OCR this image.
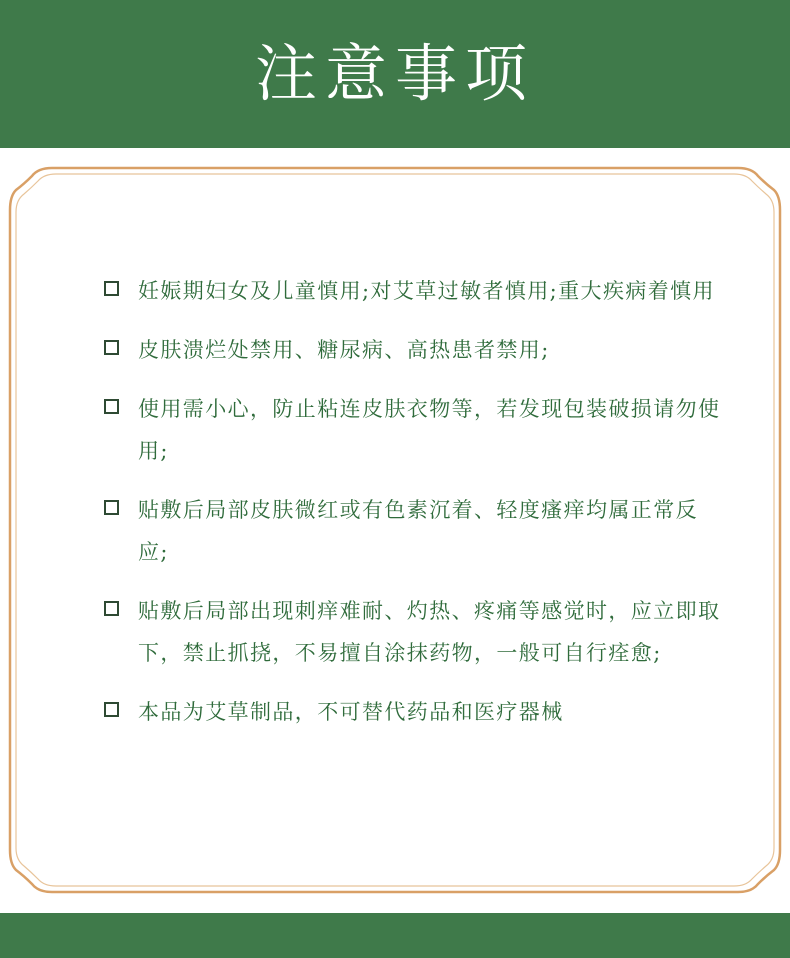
注意事项
妊娠期妇女及儿童慎用;对艾草过敏者慎用;重大疾病着慎用
皮肤溃烂处禁用、糖尿病、高热患者禁用;
使用需小心，防止粘连皮肤衣物等，若发现包装破损请勿使用;
贴敷后局部皮肤微红或有色素沉着、轻度瘙痒均属正常反应;
贴敷后局部出现刺痒难耐、灼热、疼痛等感觉时，应立即取下，禁止抓挠，不易擅自涂抹药物，一般可自行痊愈;
本品为艾草制品，不可替代药品和医疗器械
